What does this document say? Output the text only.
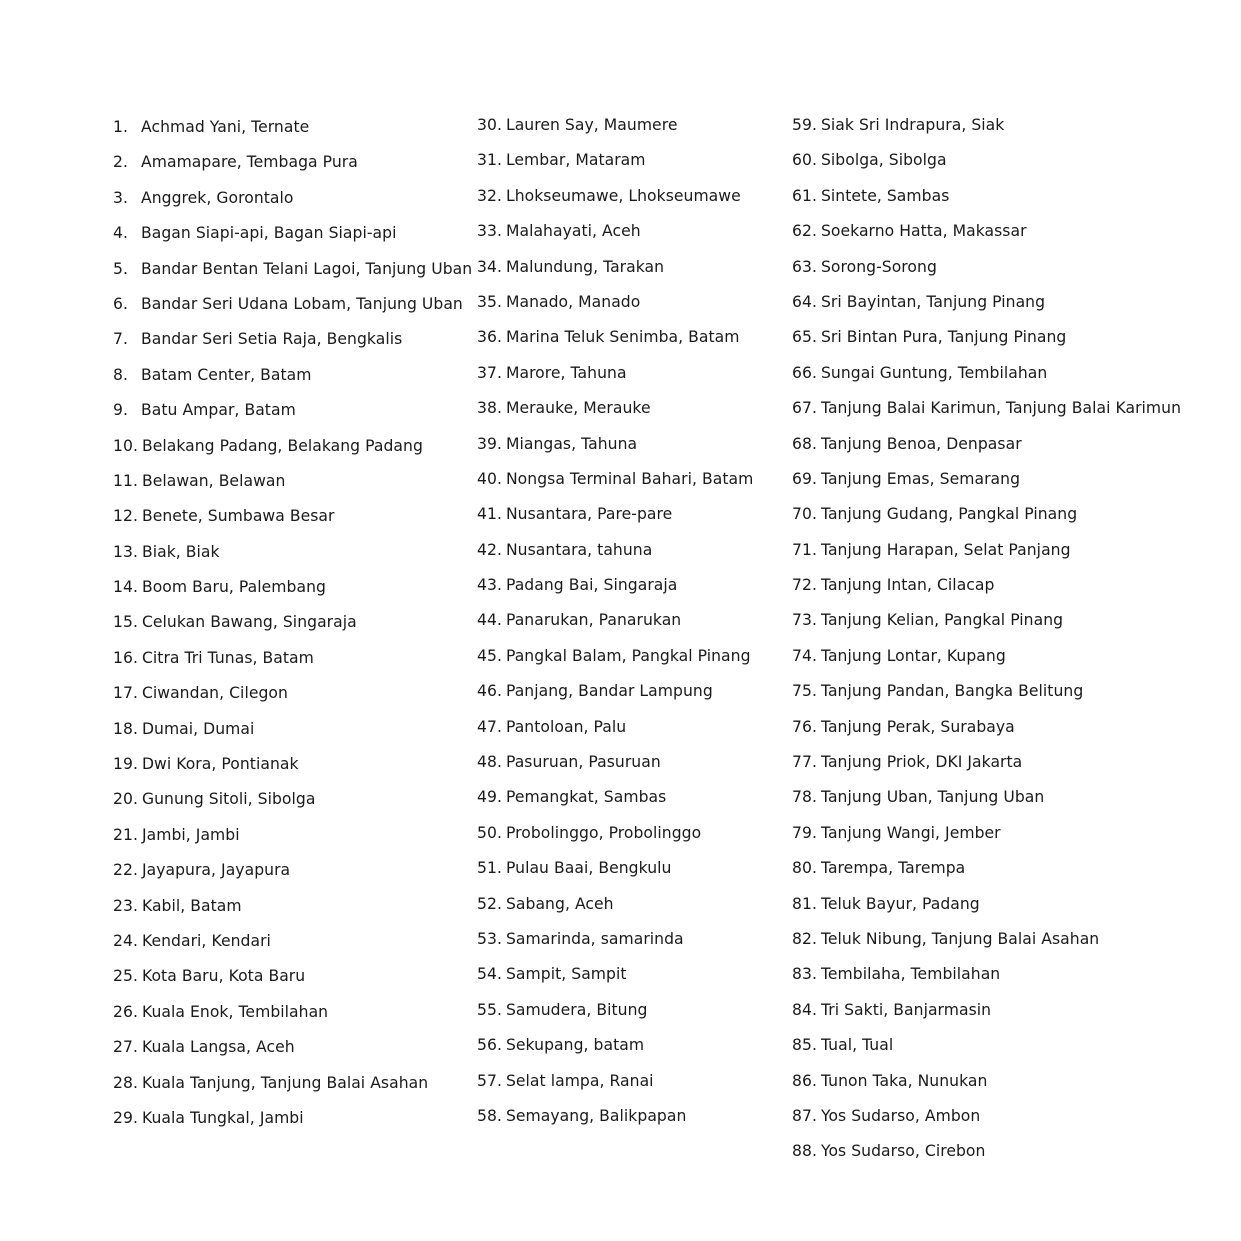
1. Achmad Yani, Ternate
2. Amamapare, Tembaga Pura
3. Anggrek, Gorontalo
4. Bagan Siapi-api, Bagan Siapi-api
5. Bandar Bentan Telani Lagoi, Tanjung Uban
6. Bandar Seri Udana Lobam, Tanjung Uban
7. Bandar Seri Setia Raja, Bengkalis
8. Batam Center, Batam
9. Batu Ampar, Batam
10. Belakang Padang, Belakang Padang
11. Belawan, Belawan
12. Benete, Sumbawa Besar
13. Biak, Biak
14. Boom Baru, Palembang
15. Celukan Bawang, Singaraja
16. Citra Tri Tunas, Batam
17. Ciwandan, Cilegon
18. Dumai, Dumai
19. Dwi Kora, Pontianak
20. Gunung Sitoli, Sibolga
21. Jambi, Jambi
22. Jayapura, Jayapura
23. Kabil, Batam
24. Kendari, Kendari
25. Kota Baru, Kota Baru
26. Kuala Enok, Tembilahan
27. Kuala Langsa, Aceh
28. Kuala Tanjung, Tanjung Balai Asahan
29. Kuala Tungkal, Jambi
30. Lauren Say, Maumere
31. Lembar, Mataram
32. Lhokseumawe, Lhokseumawe
33. Malahayati, Aceh
34. Malundung, Tarakan
35. Manado, Manado
36. Marina Teluk Senimba, Batam
37. Marore, Tahuna
38. Merauke, Merauke
39. Miangas, Tahuna
40. Nongsa Terminal Bahari, Batam
41. Nusantara, Pare-pare
42. Nusantara, tahuna
43. Padang Bai, Singaraja
44. Panarukan, Panarukan
45. Pangkal Balam, Pangkal Pinang
46. Panjang, Bandar Lampung
47. Pantoloan, Palu
48. Pasuruan, Pasuruan
49. Pemangkat, Sambas
50. Probolinggo, Probolinggo
51. Pulau Baai, Bengkulu
52. Sabang, Aceh
53. Samarinda, samarinda
54. Sampit, Sampit
55. Samudera, Bitung
56. Sekupang, batam
57. Selat lampa, Ranai
58. Semayang, Balikpapan
59. Siak Sri Indrapura, Siak
60. Sibolga, Sibolga
61. Sintete, Sambas
62. Soekarno Hatta, Makassar
63. Sorong-Sorong
64. Sri Bayintan, Tanjung Pinang
65. Sri Bintan Pura, Tanjung Pinang
66. Sungai Guntung, Tembilahan
67. Tanjung Balai Karimun, Tanjung Balai Karimun
68. Tanjung Benoa, Denpasar
69. Tanjung Emas, Semarang
70. Tanjung Gudang, Pangkal Pinang
71. Tanjung Harapan, Selat Panjang
72. Tanjung Intan, Cilacap
73. Tanjung Kelian, Pangkal Pinang
74. Tanjung Lontar, Kupang
75. Tanjung Pandan, Bangka Belitung
76. Tanjung Perak, Surabaya
77. Tanjung Priok, DKI Jakarta
78. Tanjung Uban, Tanjung Uban
79. Tanjung Wangi, Jember
80. Tarempa, Tarempa
81. Teluk Bayur, Padang
82. Teluk Nibung, Tanjung Balai Asahan
83. Tembilaha, Tembilahan
84. Tri Sakti, Banjarmasin
85. Tual, Tual
86. Tunon Taka, Nunukan
87. Yos Sudarso, Ambon
88. Yos Sudarso, Cirebon
